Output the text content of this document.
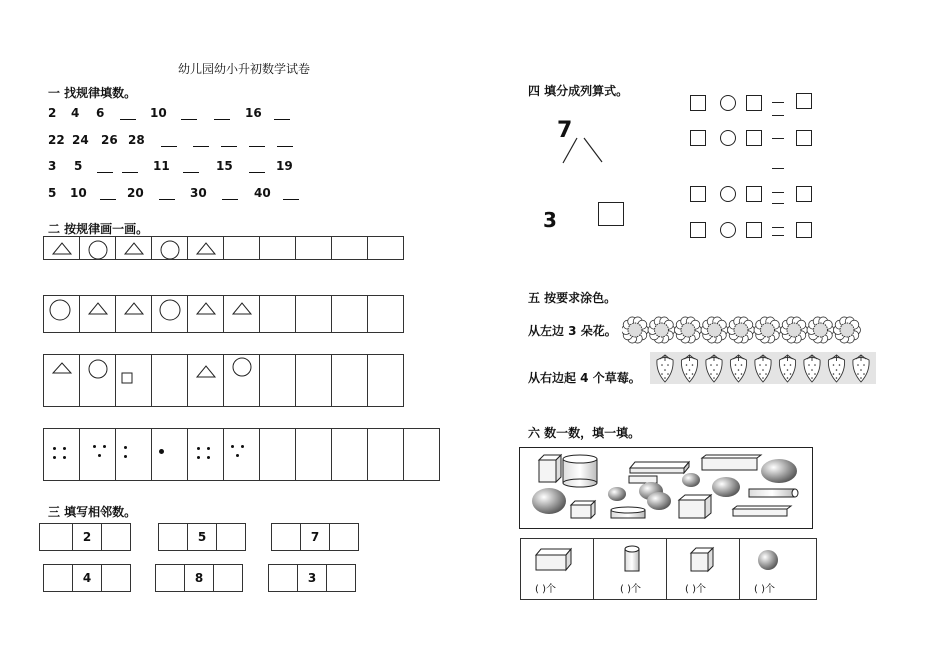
幼儿园幼小升初数学试卷
一 找规律填数。
2 4 6	10	16
22 24 26 28
3 5	11	15	19
5 10	20	30	40
二 按规律画一画。
三 填写相邻数。
2	5	7
4	8	3
四 填分成列算式。
7
3
五 按要求涂色。
从左边 3 朵花。
从右边起 4 个草莓。
六 数一数，填一填。
( )个	( )个	( )个	( )个
